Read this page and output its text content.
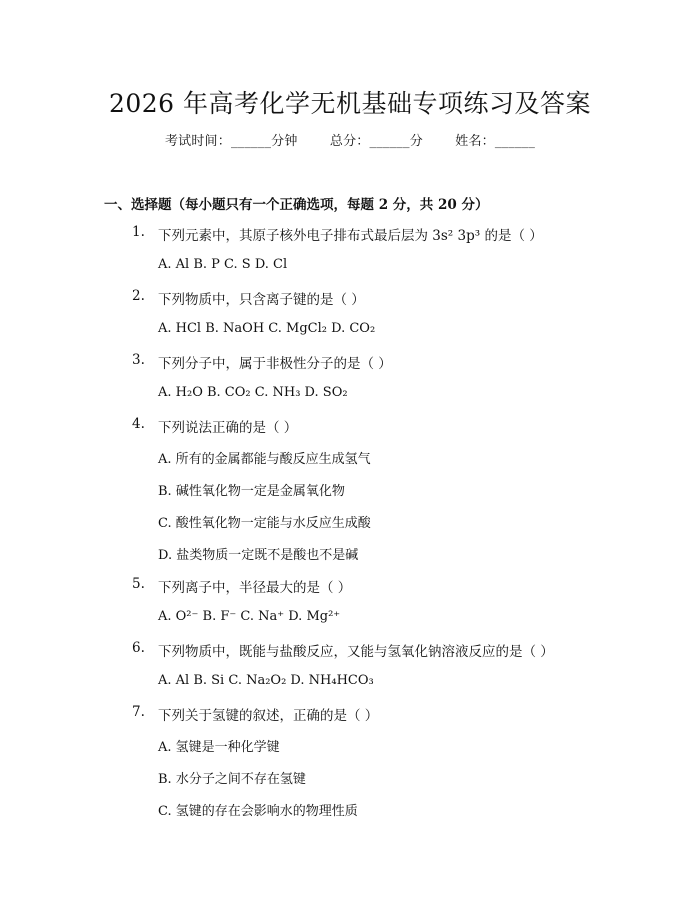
2026 年高考化学无机基础专项练习及答案
考试时间：______分钟 总分：______分 姓名：______
一、选择题（每小题只有一个正确选项，每题 2 分，共 20 分）
1. 下列元素中，其原子核外电子排布式最后层为 3s² 3p³ 的是（ ）
A. Al B. P C. S D. Cl
2. 下列物质中，只含离子键的是（ ）
A. HCl B. NaOH C. MgCl₂ D. CO₂
3. 下列分子中，属于非极性分子的是（ ）
A. H₂O B. CO₂ C. NH₃ D. SO₂
4. 下列说法正确的是（ ）
A. 所有的金属都能与酸反应生成氢气
B. 碱性氧化物一定是金属氧化物
C. 酸性氧化物一定能与水反应生成酸
D. 盐类物质一定既不是酸也不是碱
5. 下列离子中，半径最大的是（ ）
A. O²⁻ B. F⁻ C. Na⁺ D. Mg²⁺
6. 下列物质中，既能与盐酸反应，又能与氢氧化钠溶液反应的是（ ）
A. Al B. Si C. Na₂O₂ D. NH₄HCO₃
7. 下列关于氢键的叙述，正确的是（ ）
A. 氢键是一种化学键
B. 水分子之间不存在氢键
C. 氢键的存在会影响水的物理性质
